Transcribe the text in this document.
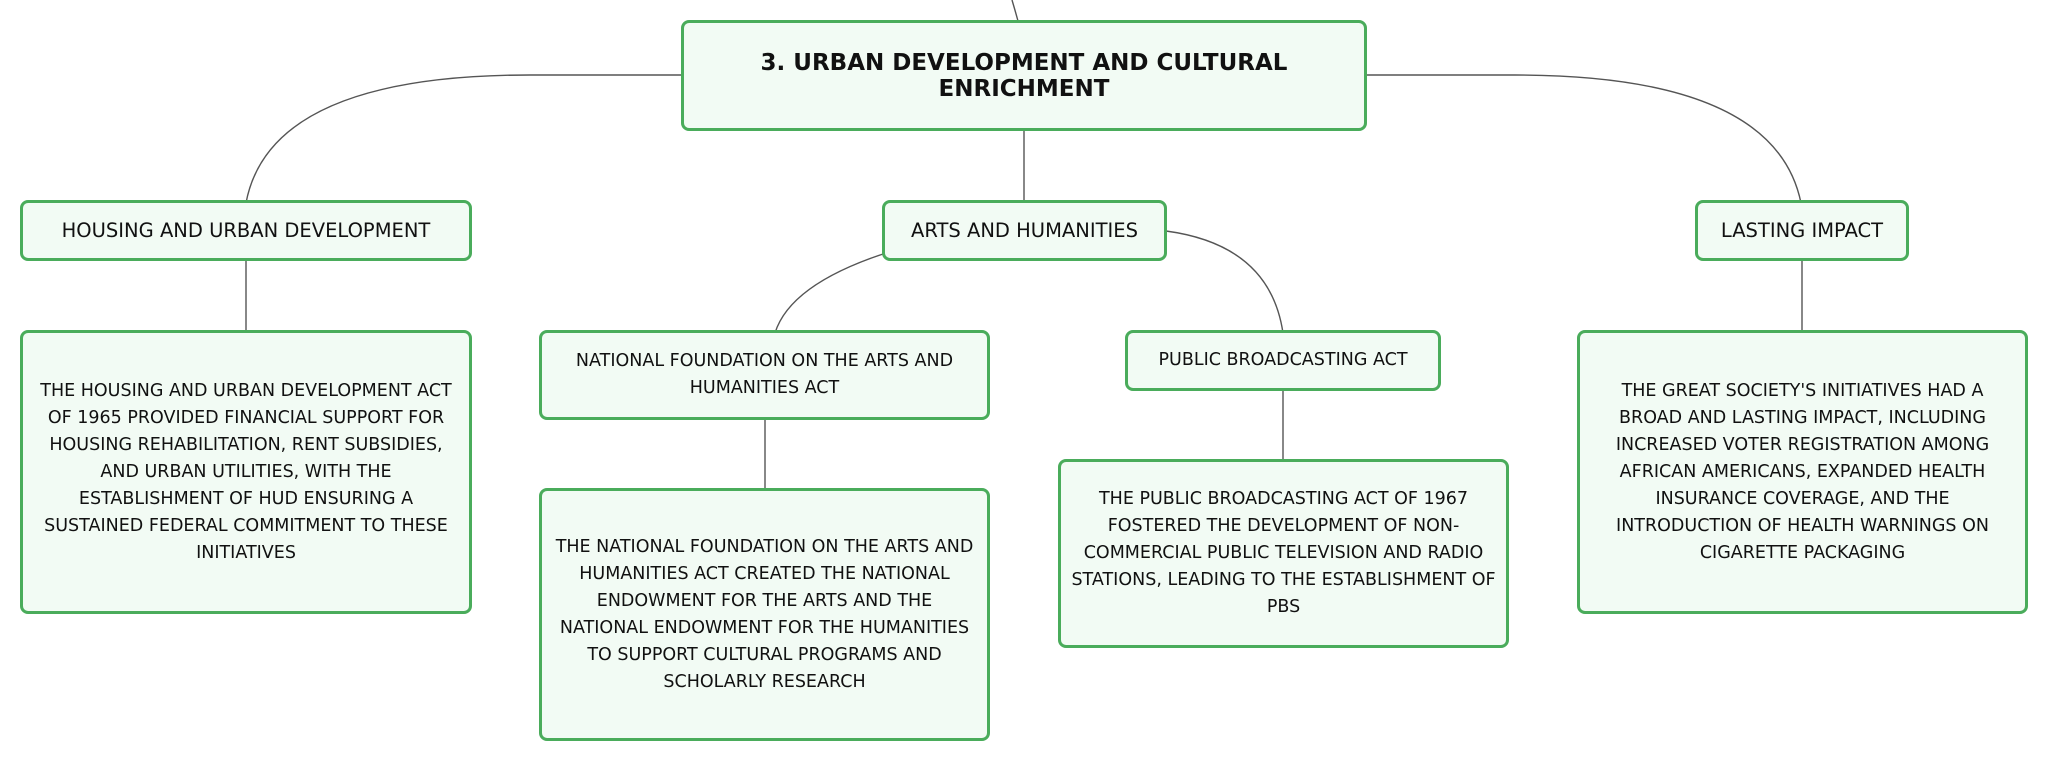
3. URBAN DEVELOPMENT AND CULTURAL ENRICHMENT
HOUSING AND URBAN DEVELOPMENT	ARTS AND HUMANITIES	LASTING IMPACT
THE HOUSING AND URBAN DEVELOPMENT ACT OF 1965 PROVIDED FINANCIAL SUPPORT FOR HOUSING REHABILITATION, RENT SUBSIDIES, AND URBAN UTILITIES, WITH THE ESTABLISHMENT OF HUD ENSURING A SUSTAINED FEDERAL COMMITMENT TO THESE INITIATIVES
NATIONAL FOUNDATION ON THE ARTS AND HUMANITIES ACT
PUBLIC BROADCASTING ACT
THE NATIONAL FOUNDATION ON THE ARTS AND HUMANITIES ACT CREATED THE NATIONAL ENDOWMENT FOR THE ARTS AND THE NATIONAL ENDOWMENT FOR THE HUMANITIES TO SUPPORT CULTURAL PROGRAMS AND SCHOLARLY RESEARCH
THE PUBLIC BROADCASTING ACT OF 1967 FOSTERED THE DEVELOPMENT OF NON-COMMERCIAL PUBLIC TELEVISION AND RADIO STATIONS, LEADING TO THE ESTABLISHMENT OF PBS
THE GREAT SOCIETY'S INITIATIVES HAD A BROAD AND LASTING IMPACT, INCLUDING INCREASED VOTER REGISTRATION AMONG AFRICAN AMERICANS, EXPANDED HEALTH INSURANCE COVERAGE, AND THE INTRODUCTION OF HEALTH WARNINGS ON CIGARETTE PACKAGING
